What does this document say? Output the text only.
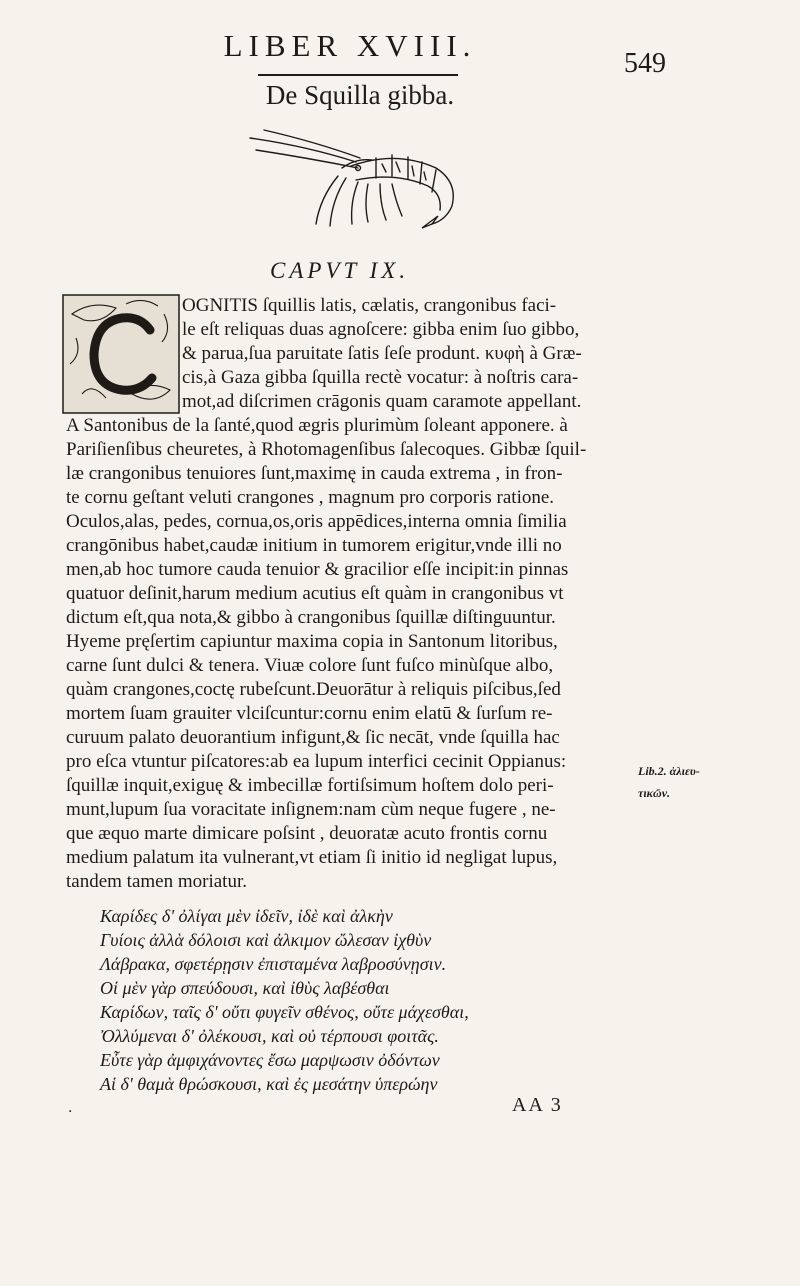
LIBER XVIII.
549
De Squilla gibba.
CAPVT IX.
OGNITIS ſquillis latis, cælatis, crangonibus faci-
le eſt reliquas duas agnoſcere: gibba enim ſuo gibbo,
& parua,ſua paruitate ſatis ſeſe produnt. κυφὴ à Græ-
cis,à Gaza gibba ſquilla rectè vocatur: à noſtris cara-
mot,ad diſcrimen crāgonis quam caramote appellant.
A Santonibus de la ſanté,quod ægris plurimùm ſoleant apponere. à
Pariſienſibus cheuretes, à Rhotomagenſibus ſalecoques. Gibbæ ſquil-
læ crangonibus tenuiores ſunt,maximę in cauda extrema , in fron-
te cornu geſtant veluti crangones , magnum pro corporis ratione.
Oculos,alas, pedes, cornua,os,oris appēdices,interna omnia ſimilia
crangōnibus habet,caudæ initium in tumorem erigitur,vnde illi no
men,ab hoc tumore cauda tenuior & gracilior eſſe incipit:in pinnas
quatuor deſinit,harum medium acutius eſt quàm in crangonibus vt
dictum eſt,qua nota,& gibbo à crangonibus ſquillæ diſtinguuntur.
Hyeme pręſertim capiuntur maxima copia in Santonum litoribus,
carne ſunt dulci & tenera. Viuæ colore ſunt fuſco minùſque albo,
quàm crangones,coctę rubeſcunt.Deuorātur à reliquis piſcibus,ſed
mortem ſuam grauiter vlciſcuntur:cornu enim elatū & ſurſum re-
curuum palato deuorantium infigunt,& ſic necāt, vnde ſquilla hac
pro eſca vtuntur piſcatores:ab ea lupum interfici cecinit Oppianus:
ſquillæ inquit,exiguę & imbecillæ fortiſsimum hoſtem dolo peri-
munt,lupum ſua voracitate inſignem:nam cùm neque fugere , ne-
que æquo marte dimicare poſsint , deuoratæ acuto frontis cornu
medium palatum ita vulnerant,vt etiam ſi initio id negligat lupus,
tandem tamen moriatur.
Lib.2. ἁλιευ-τικῶν.
Καρίδες δ' ὀλίγαι μὲν ἰδεῖν, ἰδὲ καὶ ἀλκὴν
Γυίοις ἀλλὰ δόλοισι καὶ ἀλκιμον ὤλεσαν ἰχθὺν
Λάβρακα, σφετέρῃσιν ἐπισταμένα λαβροσύνῃσιν.
Οἱ μὲν γὰρ σπεύδουσι, καὶ ἰθὺς λαβέσθαι
Καρίδων, ταῖς δ' οὔτι φυγεῖν σθένος, οὔτε μάχεσθαι,
Ὀλλύμεναι δ' ὀλέκουσι, καὶ οὐ τέρπουσι φοιτᾶς.
Εὖτε γὰρ ἀμφιχάνοντες ἔσω μαρψωσιν ὀδόντων
Αἱ δ' θαμὰ θρώσκουσι, καὶ ἐς μεσάτην ὑπερώην
·	AA 3
